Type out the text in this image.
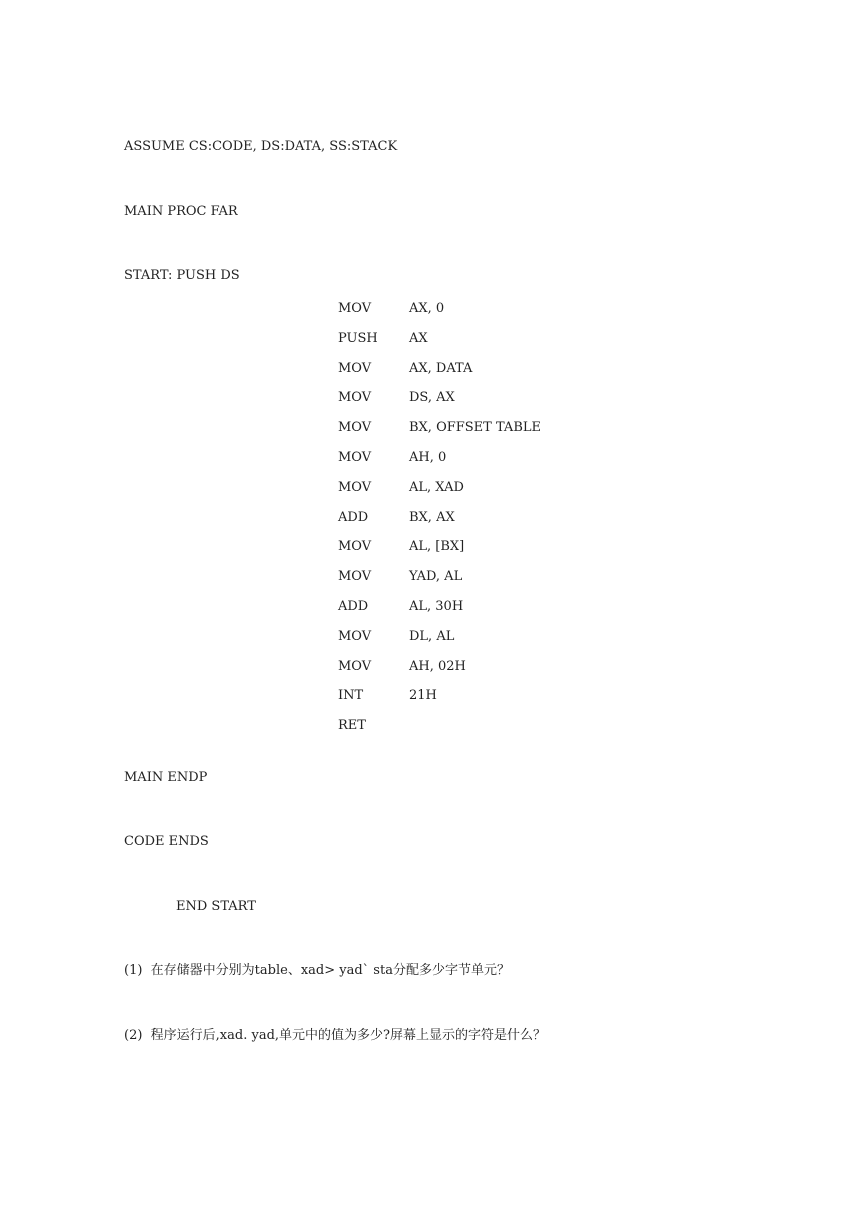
ASSUME CS:CODE, DS:DATA, SS:STACK
MAIN PROC FAR
START: PUSH DS
MOV	AX, 0
PUSH AX
MOV	AX, DATA
MOV	DS, AX
MOV	BX, OFFSET TABLE
MOV	AH, 0
MOV	AL, XAD
ADD	BX, AX
MOV	AL, [BX]
MOV	YAD, AL
ADD	AL, 30H
MOV	DL, AL
MOV	AH, 02H
INT	21H
RET
MAIN ENDP
CODE ENDS
END START
(1)  在存储器中分别为table、xad> yad` sta分配多少字节单元？
(2)  程序运行后,xad. yad,单元中的值为多少?屏幕上显示的字符是什么？
